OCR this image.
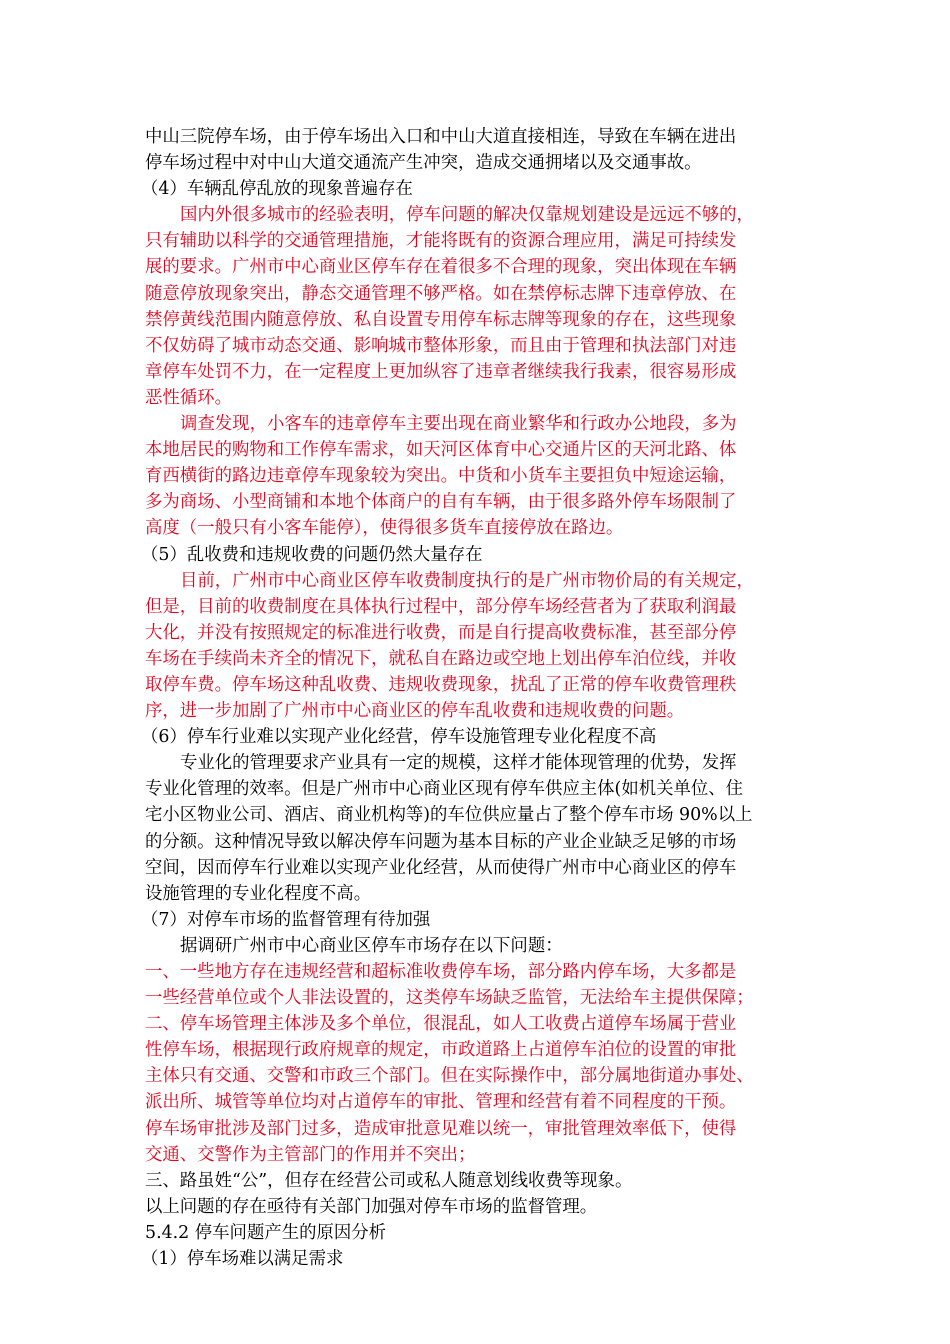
中山三院停车场，由于停车场出入口和中山大道直接相连，导致在车辆在进出
停车场过程中对中山大道交通流产生冲突，造成交通拥堵以及交通事故。
（4）车辆乱停乱放的现象普遍存在
国内外很多城市的经验表明，停车问题的解决仅靠规划建设是远远不够的，
只有辅助以科学的交通管理措施，才能将既有的资源合理应用，满足可持续发
展的要求。广州市中心商业区停车存在着很多不合理的现象，突出体现在车辆
随意停放现象突出，静态交通管理不够严格。如在禁停标志牌下违章停放、在
禁停黄线范围内随意停放、私自设置专用停车标志牌等现象的存在，这些现象
不仅妨碍了城市动态交通、影响城市整体形象，而且由于管理和执法部门对违
章停车处罚不力，在一定程度上更加纵容了违章者继续我行我素，很容易形成
恶性循环。
调查发现，小客车的违章停车主要出现在商业繁华和行政办公地段，多为
本地居民的购物和工作停车需求，如天河区体育中心交通片区的天河北路、体
育西横街的路边违章停车现象较为突出。中货和小货车主要担负中短途运输，
多为商场、小型商铺和本地个体商户的自有车辆，由于很多路外停车场限制了
高度（一般只有小客车能停），使得很多货车直接停放在路边。
（5）乱收费和违规收费的问题仍然大量存在
目前，广州市中心商业区停车收费制度执行的是广州市物价局的有关规定，
但是，目前的收费制度在具体执行过程中，部分停车场经营者为了获取利润最
大化，并没有按照规定的标准进行收费，而是自行提高收费标准，甚至部分停
车场在手续尚未齐全的情况下，就私自在路边或空地上划出停车泊位线，并收
取停车费。停车场这种乱收费、违规收费现象，扰乱了正常的停车收费管理秩
序，进一步加剧了广州市中心商业区的停车乱收费和违规收费的问题。
（6）停车行业难以实现产业化经营，停车设施管理专业化程度不高
专业化的管理要求产业具有一定的规模，这样才能体现管理的优势，发挥
专业化管理的效率。但是广州市中心商业区现有停车供应主体(如机关单位、住
宅小区物业公司、酒店、商业机构等)的车位供应量占了整个停车市场 90%以上
的分额。这种情况导致以解决停车问题为基本目标的产业企业缺乏足够的市场
空间，因而停车行业难以实现产业化经营，从而使得广州市中心商业区的停车
设施管理的专业化程度不高。
（7）对停车市场的监督管理有待加强
据调研广州市中心商业区停车市场存在以下问题：
一、一些地方存在违规经营和超标准收费停车场，部分路内停车场，大多都是
一些经营单位或个人非法设置的，这类停车场缺乏监管，无法给车主提供保障；
二、停车场管理主体涉及多个单位，很混乱，如人工收费占道停车场属于营业
性停车场，根据现行政府规章的规定，市政道路上占道停车泊位的设置的审批
主体只有交通、交警和市政三个部门。但在实际操作中，部分属地街道办事处、
派出所、城管等单位均对占道停车的审批、管理和经营有着不同程度的干预。
停车场审批涉及部门过多，造成审批意见难以统一，审批管理效率低下，使得
交通、交警作为主管部门的作用并不突出；
三、路虽姓“公”，但存在经营公司或私人随意划线收费等现象。
以上问题的存在亟待有关部门加强对停车市场的监督管理。
5.4.2 停车问题产生的原因分析
（1）停车场难以满足需求
